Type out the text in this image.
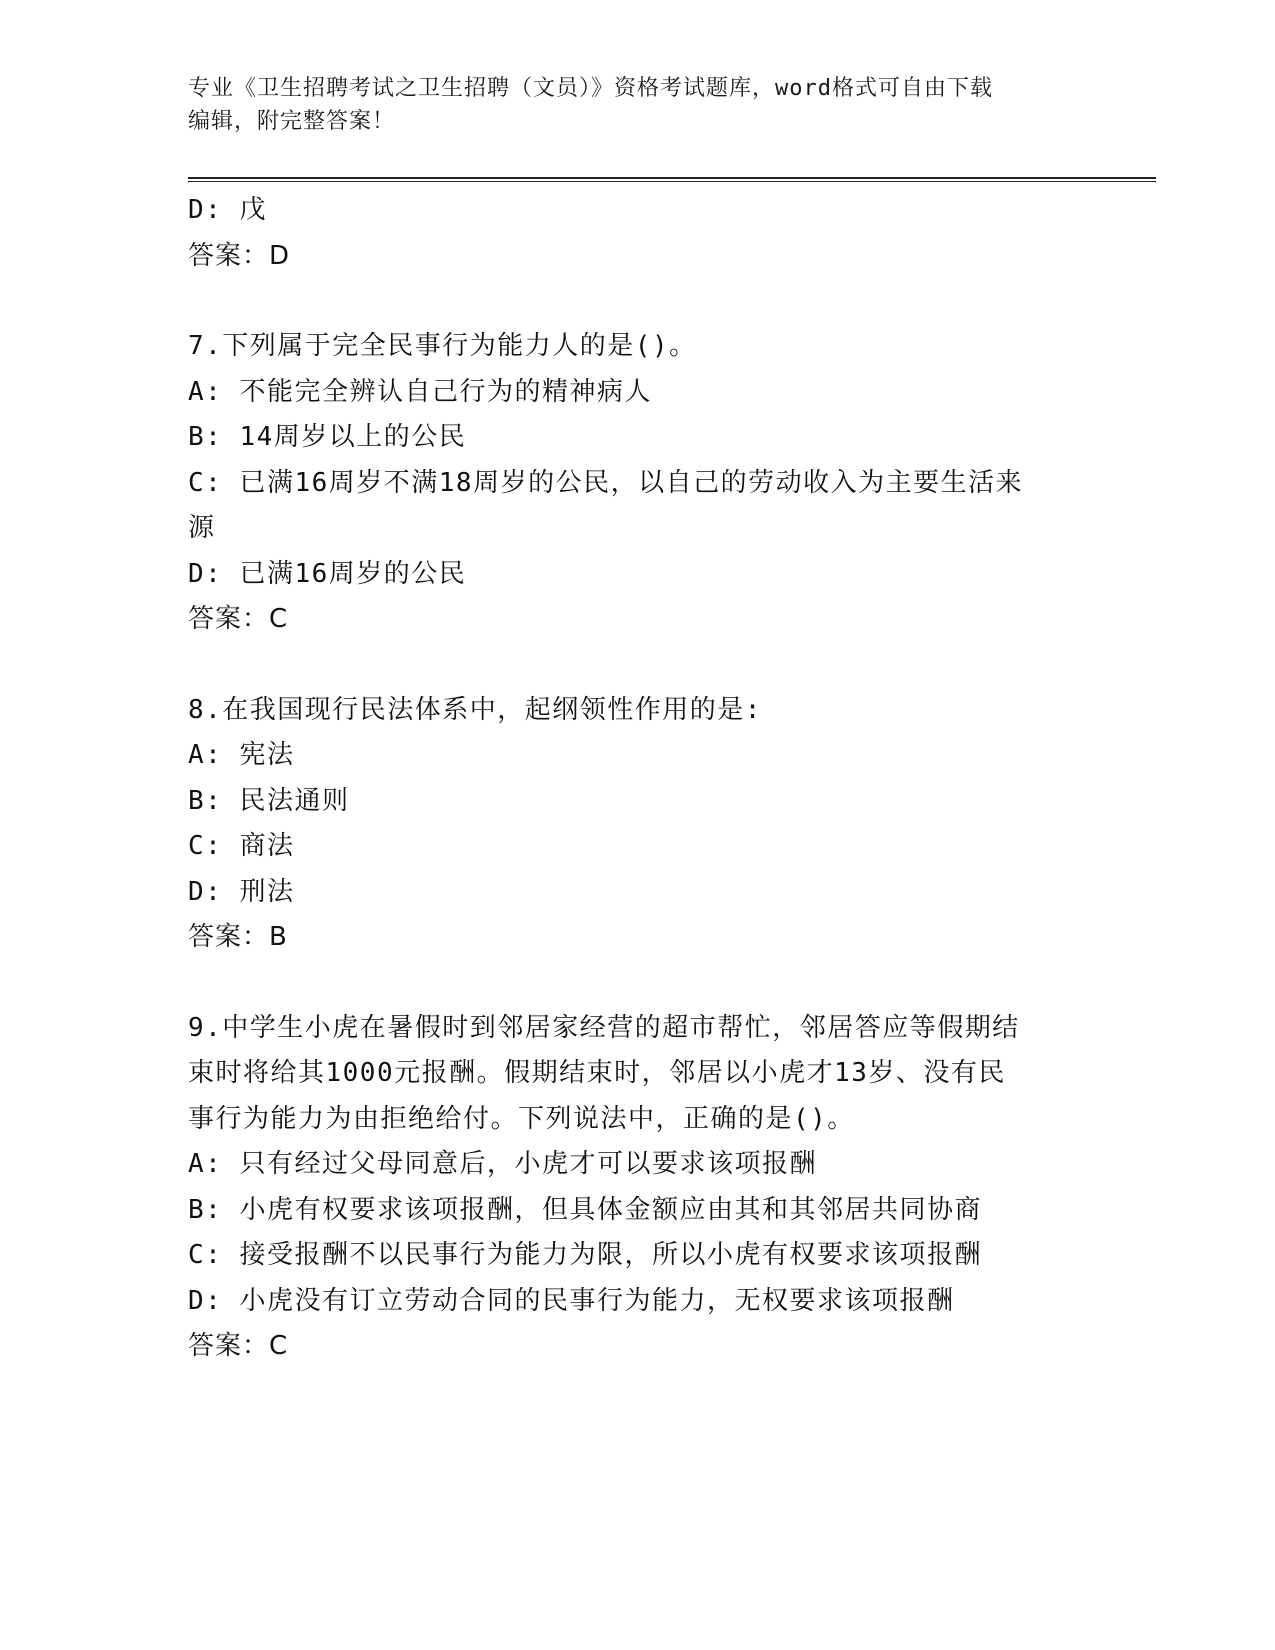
专业《卫生招聘考试之卫生招聘（文员）》资格考试题库，word格式可自由下载
编辑，附完整答案！
D: 戊
答案：D
7.下列属于完全民事行为能力人的是()。
A: 不能完全辨认自己行为的精神病人
B: 14周岁以上的公民
C: 已满16周岁不满18周岁的公民，以自己的劳动收入为主要生活来
源
D: 已满16周岁的公民
答案：C
8.在我国现行民法体系中，起纲领性作用的是:
A: 宪法
B: 民法通则
C: 商法
D: 刑法
答案：B
9.中学生小虎在暑假时到邻居家经营的超市帮忙，邻居答应等假期结
束时将给其1000元报酬。假期结束时，邻居以小虎才13岁、没有民
事行为能力为由拒绝给付。下列说法中，正确的是()。
A: 只有经过父母同意后，小虎才可以要求该项报酬
B: 小虎有权要求该项报酬，但具体金额应由其和其邻居共同协商
C: 接受报酬不以民事行为能力为限，所以小虎有权要求该项报酬
D: 小虎没有订立劳动合同的民事行为能力，无权要求该项报酬
答案：C
